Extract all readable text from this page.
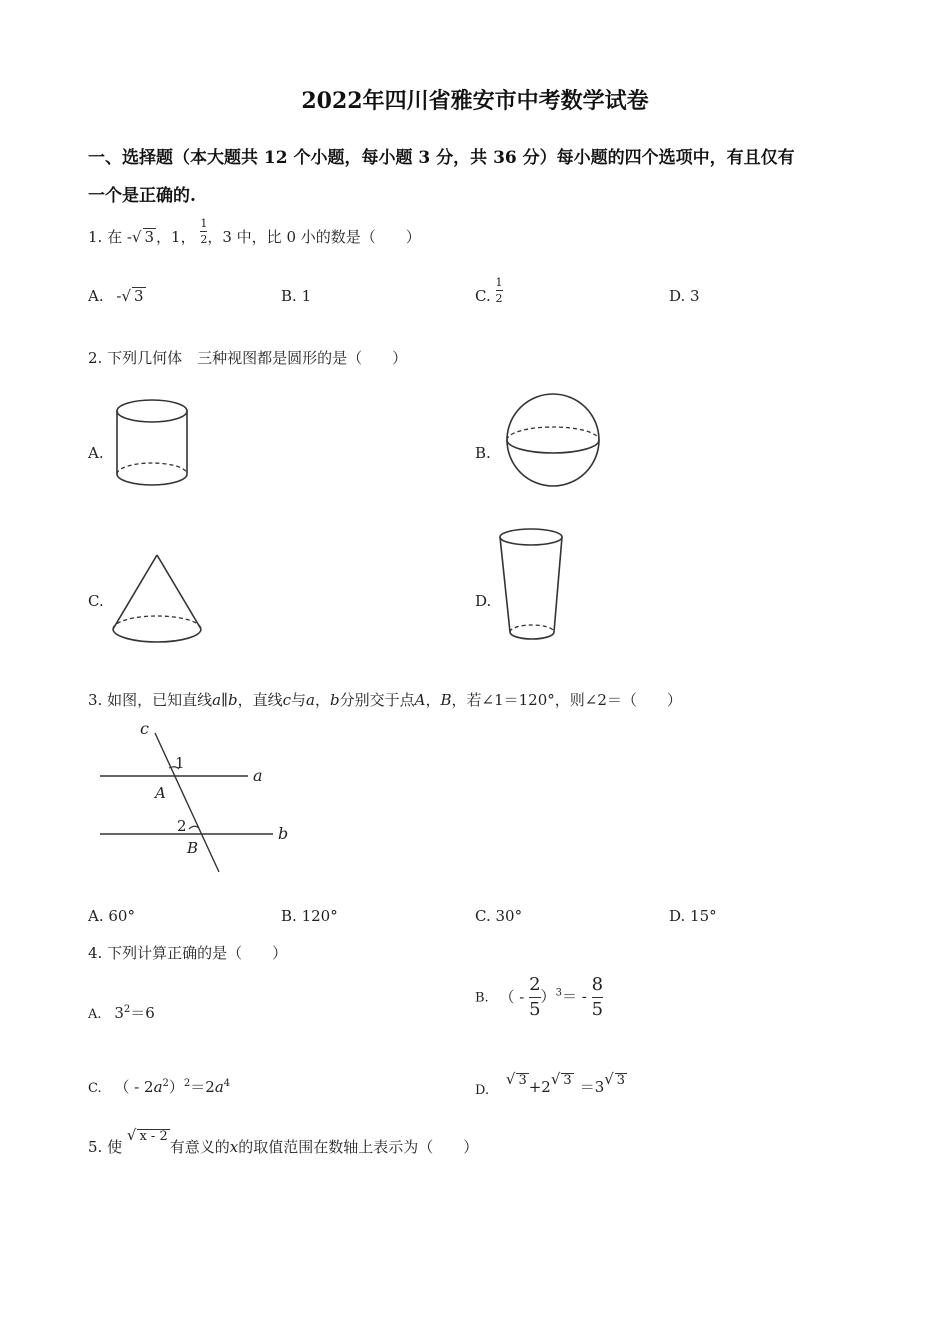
2022年四川省雅安市中考数学试卷
一、选择题（本大题共 12 个小题，每小题 3 分，共 36 分）每小题的四个选项中，有且仅有
一个是正确的.
1. 在 -√ 3 ，1， $\frac{1}{2}$ ，3 中，比 0 小的数是（　　）
A. -√ 3	B. 1	C. $\frac{1}{2}$	D. 3
2. 下列几何体　三种视图都是圆形的是（　　）
A.	B.
C.	D.
3. 如图，已知直线a∥b，直线c与a，b分别交于点A，B，若∠1＝120°，则∠2＝（　　）
c
1
a
A
2	b
B
A. 60°	B. 120°	C. 30°	D. 15°
4. 下列计算正确的是（　　）
A. $3^2=6$
B. （ - $\frac{2}{5} )^3= - \frac{8}{5}$
C. （ - $2a^2)^2=2a^4$	D. √ 3 +2√ 3 ＝3√ 3
5. 使 √ x - 2有意义的x的取值范围在数轴上表示为（　　）
